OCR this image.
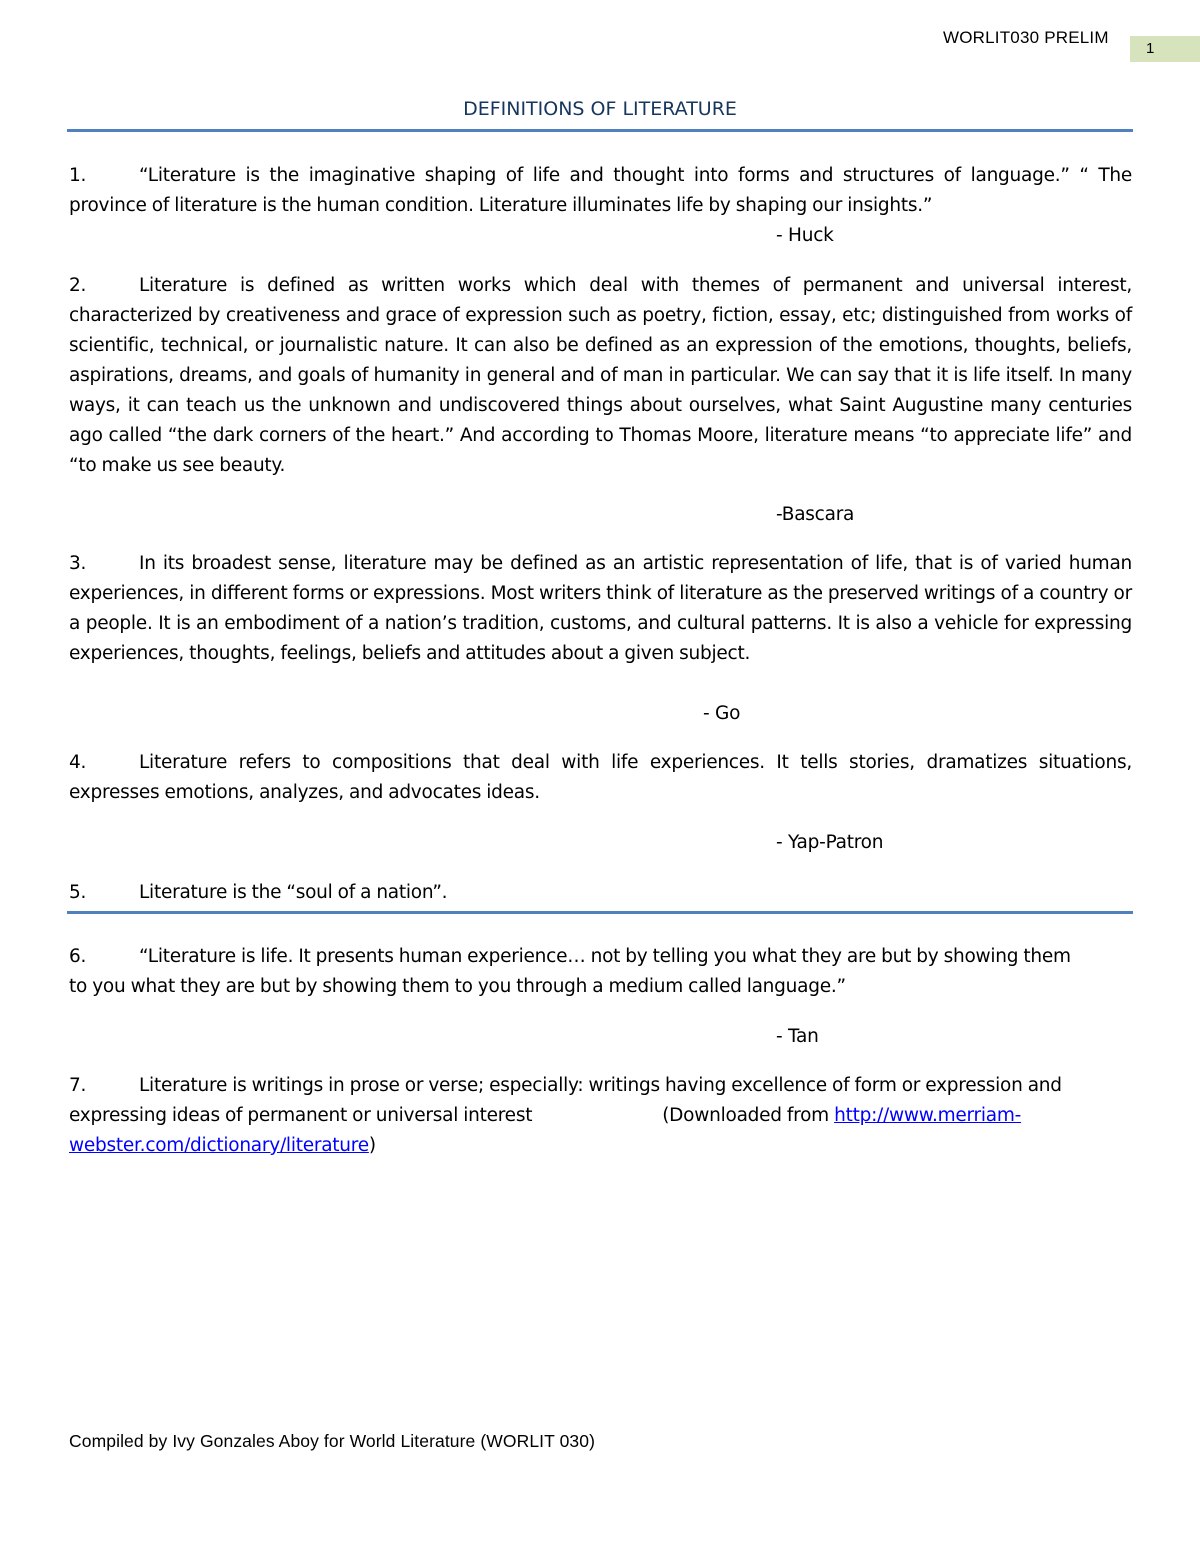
WORLIT030 PRELIM
1
DEFINITIONS OF LITERATURE

1.	“Literature is the imaginative shaping of life and thought into forms and structures of language.” “ The province of literature is the human condition. Literature illuminates life by shaping our insights.”

- Huck

2.	Literature is defined as written works which deal with themes of permanent and universal interest, characterized by creativeness and grace of expression such as poetry, fiction, essay, etc; distinguished from works of scientific, technical, or journalistic nature. It can also be defined as an expression of the emotions, thoughts, beliefs, aspirations, dreams, and goals of humanity in general and of man in particular. We can say that it is life itself. In many ways, it can teach us the unknown and undiscovered things about ourselves, what Saint Augustine many centuries ago called “the dark corners of the heart.” And according to Thomas Moore, literature means “to appreciate life” and “to make us see beauty.

-Bascara

3.	In its broadest sense, literature may be defined as an artistic representation of life, that is of varied human experiences, in different forms or expressions. Most writers think of literature as the preserved writings of a country or a people. It is an embodiment of a nation’s tradition, customs, and cultural patterns. It is also a vehicle for expressing experiences, thoughts, feelings, beliefs and attitudes about a given subject.

- Go

4.	Literature refers to compositions that deal with life experiences. It tells stories, dramatizes situations, expresses emotions, analyzes, and advocates ideas.

- Yap-Patron

5.	Literature is the “soul of a nation”.

6.	“Literature is life. It presents human experience… not by telling you what they are but by showing them to you what they are but by showing them to you through a medium called language.”

- Tan

7.	Literature is writings in prose or verse; especially: writings having excellence of form or expression and expressing ideas of permanent or universal interest	(Downloaded from http://www.merriam-webster.com/dictionary/literature)

Compiled by Ivy Gonzales Aboy for World Literature (WORLIT 030)
